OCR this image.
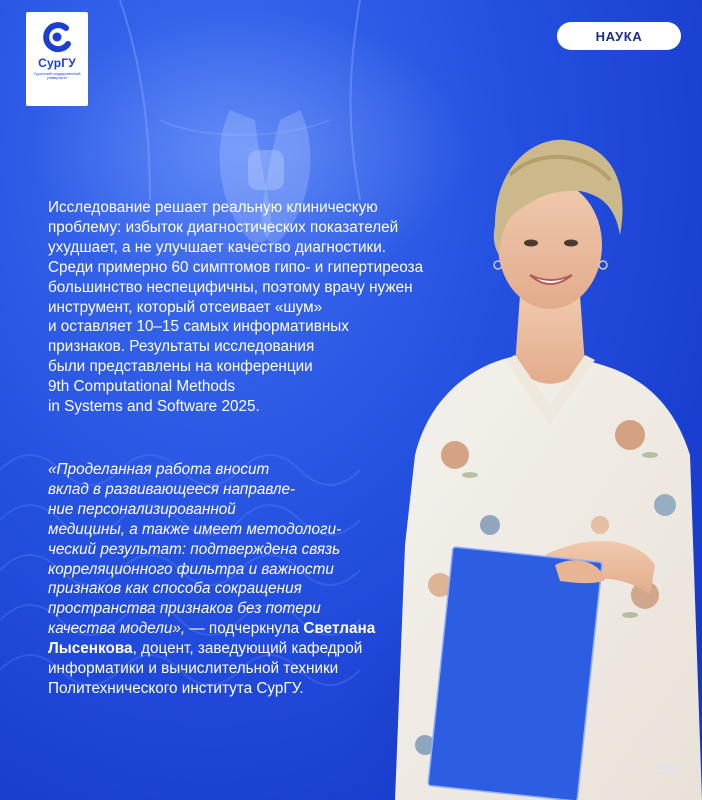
СурГУ
Сургутский государственный университет
НАУКА
Исследование решает реальную клиническую
проблему: избыток диагностических показателей
ухудшает, а не улучшает качество диагностики.
Среди примерно 60 симптомов гипо- и гипертиреоза
большинство неспецифичны, поэтому врачу нужен
инструмент, который отсеивает «шум»
и оставляет 10–15 самых информативных
признаков. Результаты исследования
были представлены на конференции
9th Computational Methods
in Systems and Software 2025.
«Проделанная работа вносит
вклад в развивающееся направле-
ние персонализированной
медицины, а также имеет методологи-
ческий результат: подтверждена связь
корреляционного фильтра и важности
признаков как способа сокращения
пространства признаков без потери
качества модели», — подчеркнула Светлана
Лысенкова, доцент, заведующий кафедрой
информатики и вычислительной техники
Политехнического института СурГУ.
2/9
